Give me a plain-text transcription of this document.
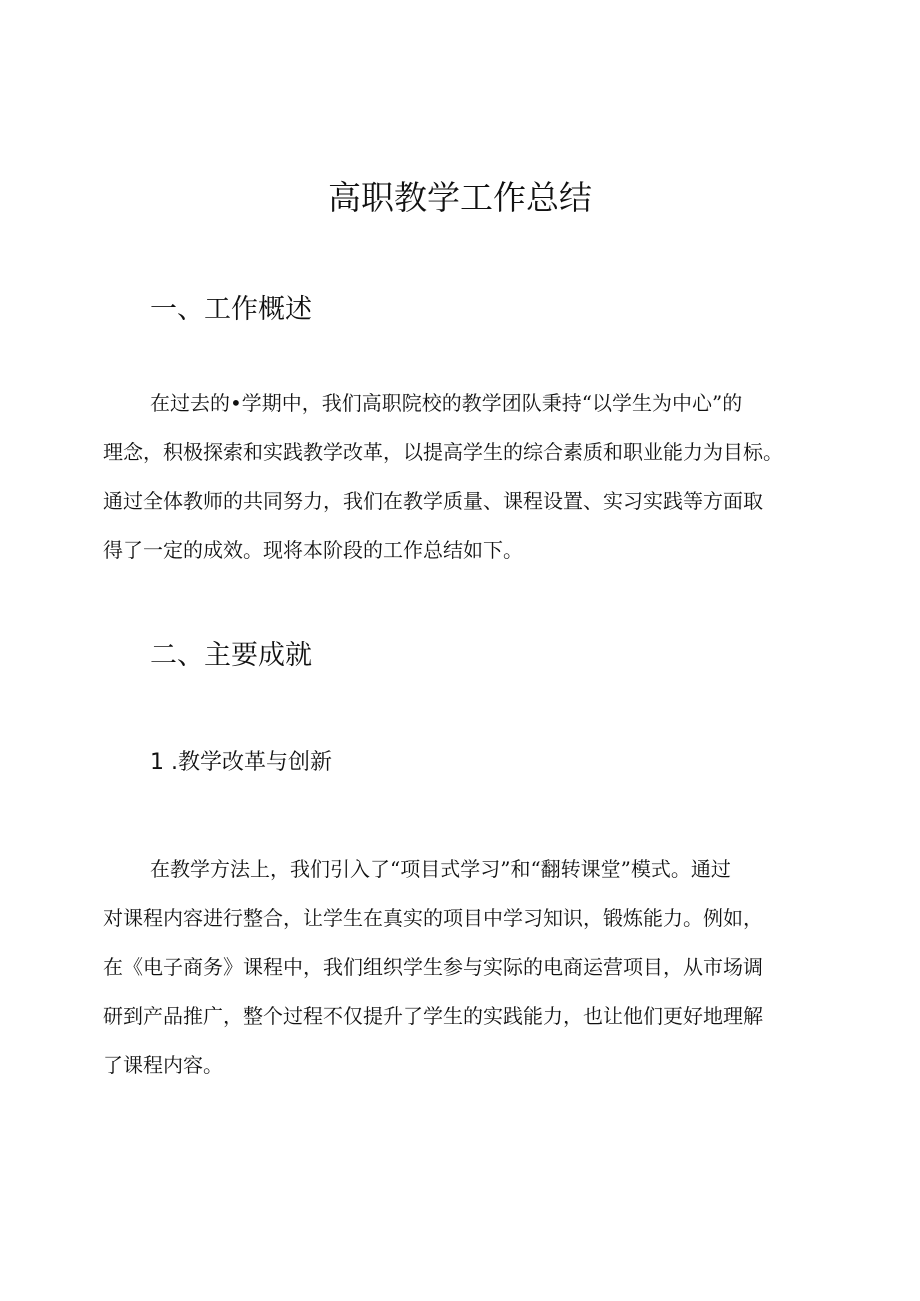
高职教学工作总结
一、工作概述
在过去的•学期中，我们高职院校的教学团队秉持“以学生为中心”的
理念，积极探索和实践教学改革，以提高学生的综合素质和职业能力为目标。
通过全体教师的共同努力，我们在教学质量、课程设置、实习实践等方面取
得了一定的成效。现将本阶段的工作总结如下。
二、主要成就
1 .教学改革与创新
在教学方法上，我们引入了“项目式学习”和“翻转课堂”模式。通过
对课程内容进行整合，让学生在真实的项目中学习知识，锻炼能力。例如，
在《电子商务》课程中，我们组织学生参与实际的电商运营项目，从市场调
研到产品推广，整个过程不仅提升了学生的实践能力，也让他们更好地理解
了课程内容。
